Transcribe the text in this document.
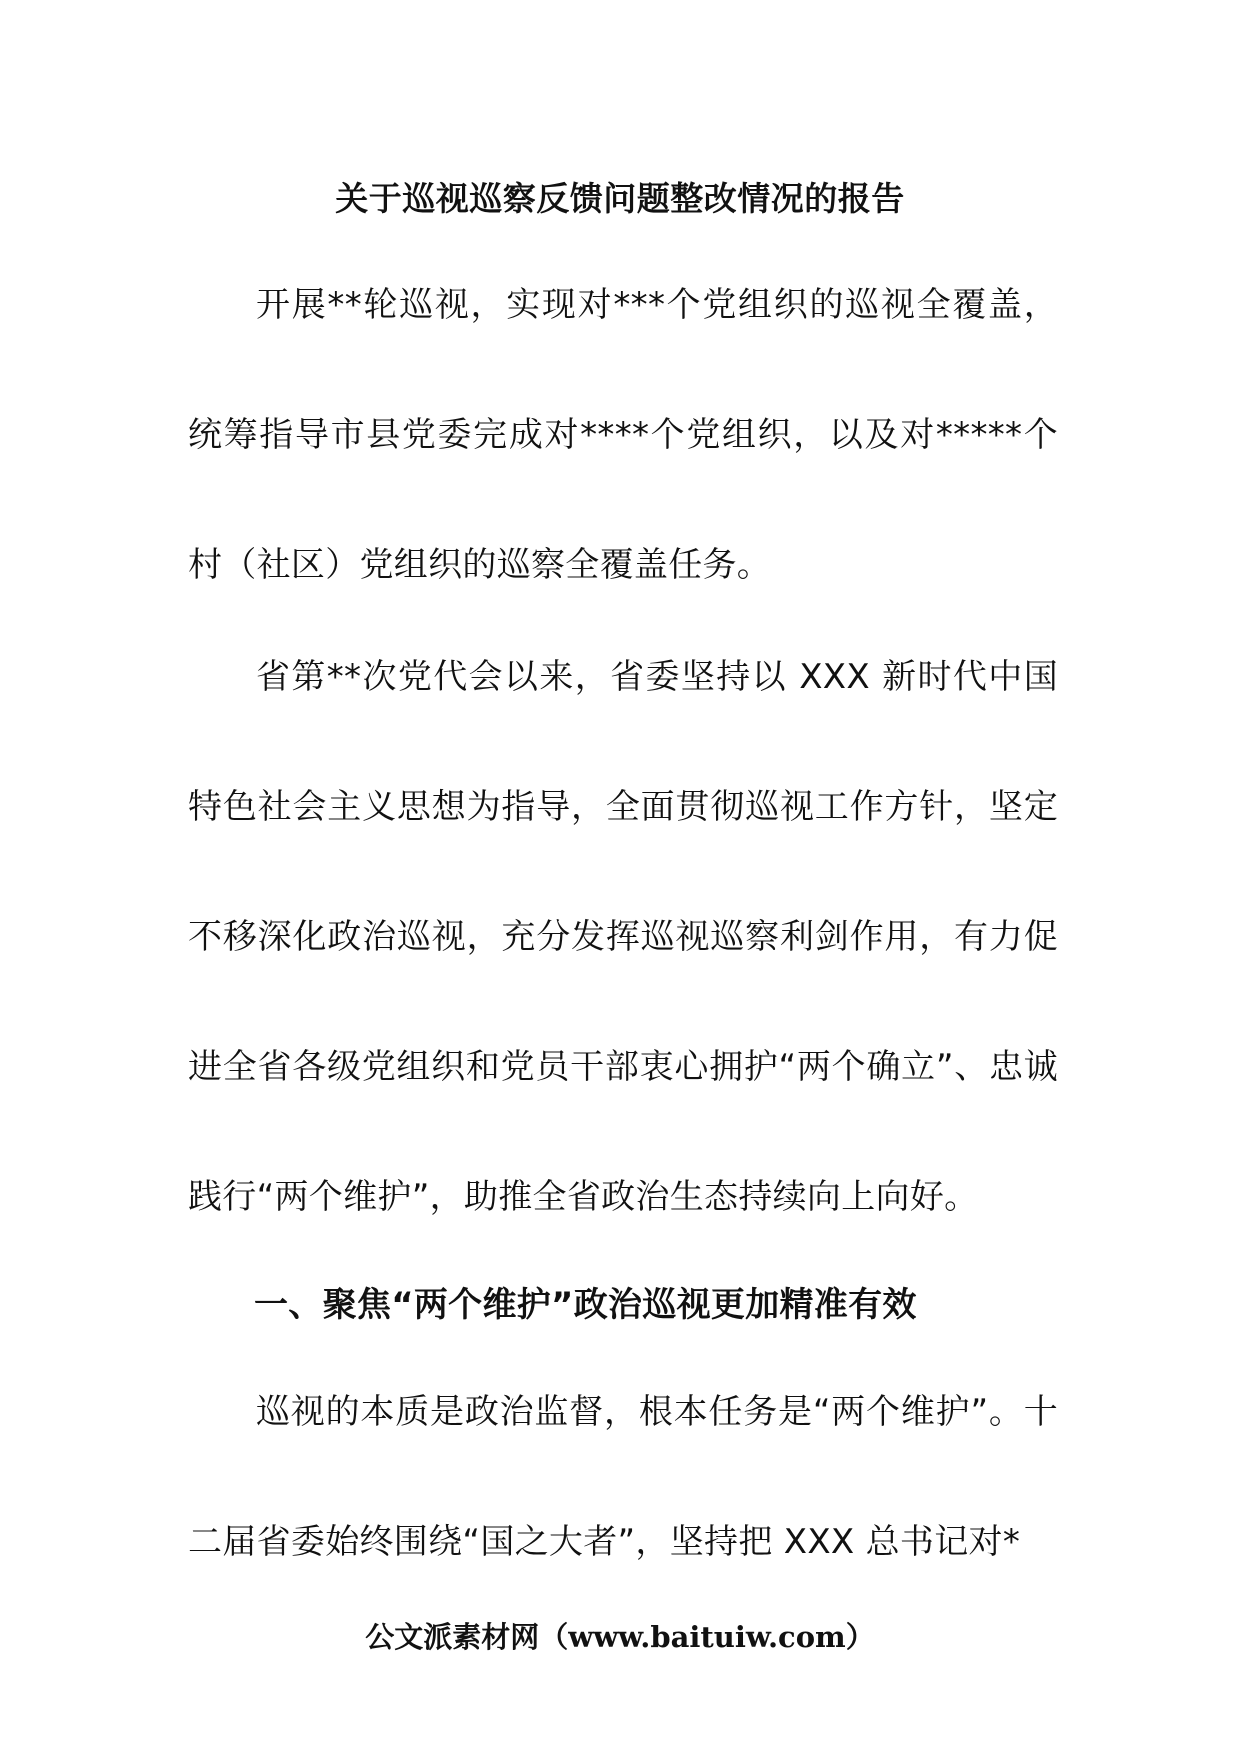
关于巡视巡察反馈问题整改情况的报告

开展**轮巡视，实现对***个党组织的巡视全覆盖，统筹指导市县党委完成对****个党组织，以及对*****个村（社区）党组织的巡察全覆盖任务。

省第**次党代会以来，省委坚持以 XXX 新时代中国特色社会主义思想为指导，全面贯彻巡视工作方针，坚定不移深化政治巡视，充分发挥巡视巡察利剑作用，有力促进全省各级党组织和党员干部衷心拥护“两个确立”、忠诚践行“两个维护”，助推全省政治生态持续向上向好。

一、聚焦“两个维护”政治巡视更加精准有效

巡视的本质是政治监督，根本任务是“两个维护”。十二届省委始终围绕“国之大者”，坚持把 XXX 总书记对*

公文派素材网（www.baituiw.com）
